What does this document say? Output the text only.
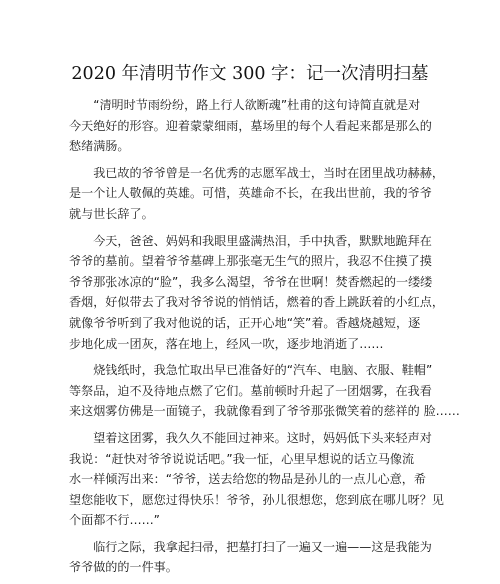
2020 年清明节作文 300 字：记一次清明扫墓

“清明时节雨纷纷，路上行人欲断魂”杜甫的这句诗简直就是对
今天绝好的形容。迎着蒙蒙细雨，墓场里的每个人看起来都是那么的
愁绪满肠。

我已故的爷爷曾是一名优秀的志愿军战士，当时在团里战功赫赫，
是一个让人敬佩的英雄。可惜，英雄命不长，在我出世前，我的爷爷
就与世长辞了。

今天，爸爸、妈妈和我眼里盛满热泪，手中执香，默默地跪拜在
爷爷的墓前。望着爷爷墓碑上那张毫无生气的照片，我忍不住摸了摸
爷爷那张冰凉的“脸”，我多么渴望，爷爷在世啊！焚香燃起的一缕缕
香烟，好似带去了我对爷爷说的悄悄话，燃着的香上跳跃着的小红点，
就像爷爷听到了我对他说的话，正开心地“笑”着。香越烧越短，逐
步地化成一团灰，落在地上，经风一吹，逐步地消逝了……

烧钱纸时，我急忙取出早已准备好的“汽车、电脑、衣服、鞋帽”
等祭品，迫不及待地点燃了它们。墓前顿时升起了一团烟雾，在我看
来这烟雾仿佛是一面镜子，我就像看到了爷爷那张微笑着的慈祥的 脸……

望着这团雾，我久久不能回过神来。这时，妈妈低下头来轻声对
我说：“赶快对爷爷说说话吧。”我一怔，心里早想说的话立马像流
水一样倾泻出来：“爷爷，送去给您的物品是孙儿的一点儿心意，希
望您能收下，愿您过得快乐！爷爷，孙儿很想您，您到底在哪儿呀？见
个面都不行……”

临行之际，我拿起扫帚，把墓打扫了一遍又一遍——这是我能为
爷爷做的的一件事。
